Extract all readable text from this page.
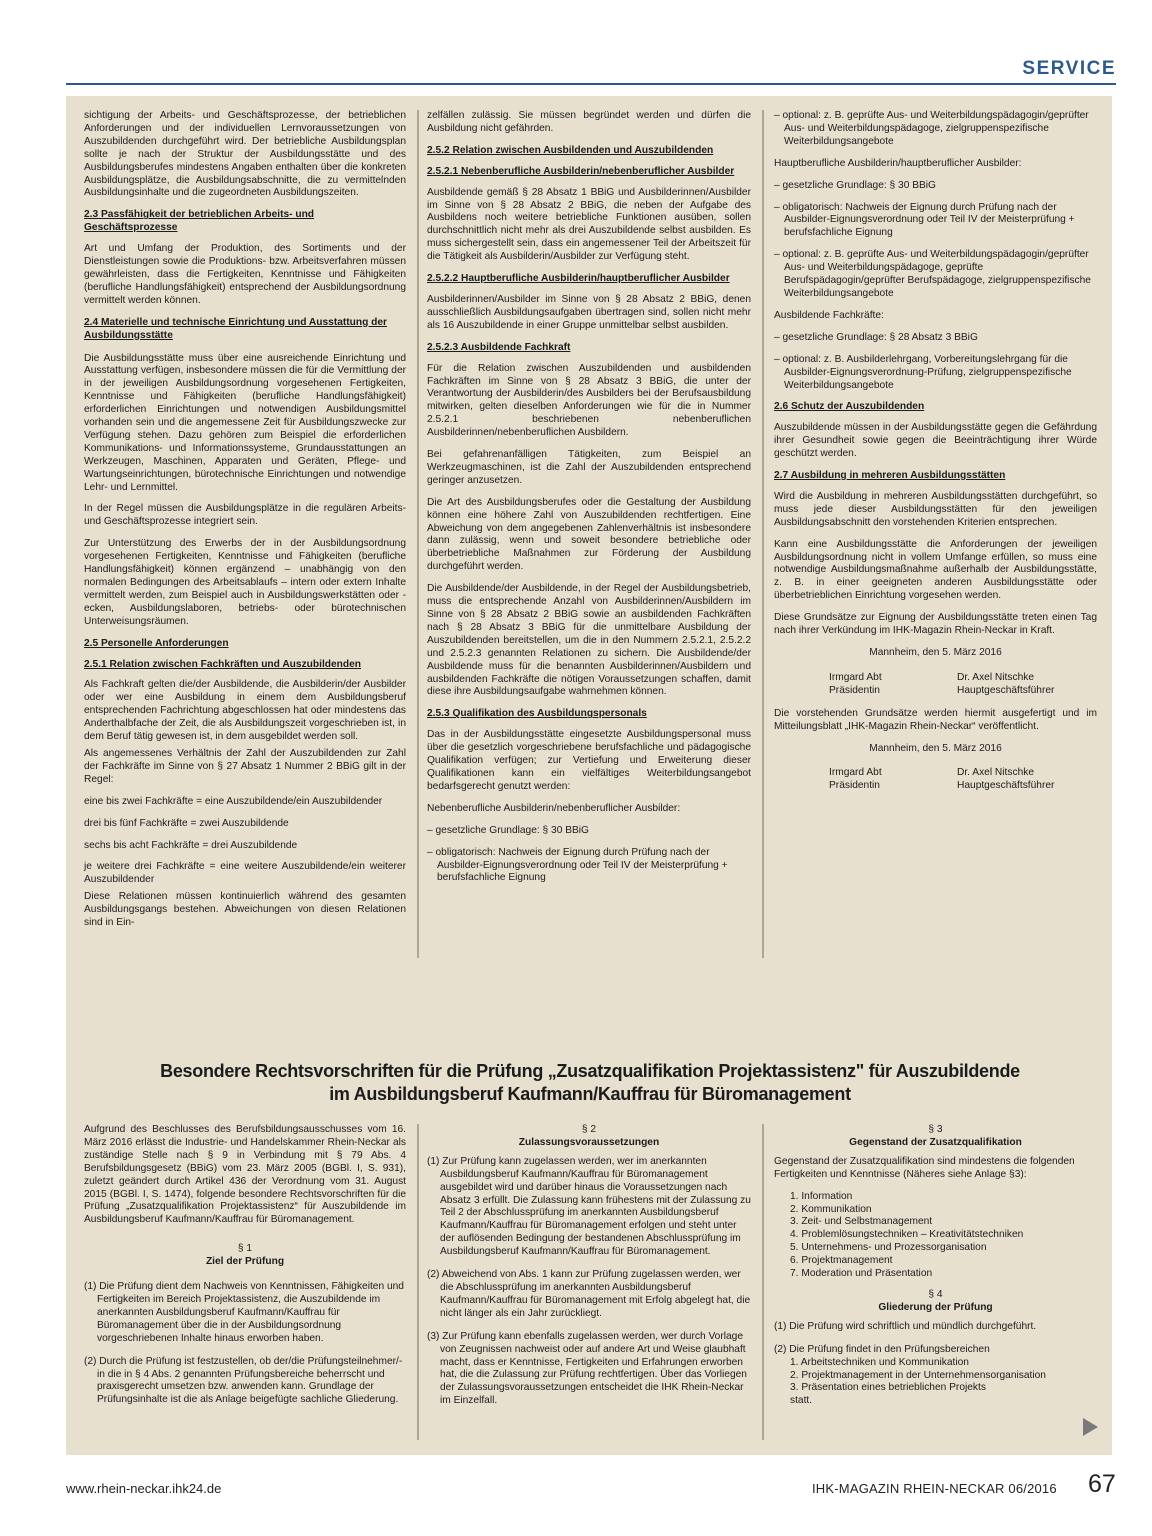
SERVICE

sichtigung der Arbeits- und Geschäftsprozesse, der betrieblichen Anforderungen und der individuellen Lernvoraussetzungen von Auszubildenden durchgeführt wird. Der betriebliche Ausbildungsplan sollte je nach der Struktur der Ausbildungsstätte und des Ausbildungsberufes mindestens Angaben enthalten über die konkreten Ausbildungsplätze, die Ausbildungsabschnitte, die zu vermittelnden Ausbildungsinhalte und die zugeordneten Ausbildungszeiten.

2.3 Passfähigkeit der betrieblichen Arbeits- und Geschäftsprozesse

Art und Umfang der Produktion, des Sortiments und der Dienstleistungen sowie die Produktions- bzw. Arbeitsverfahren müssen gewährleisten, dass die Fertigkeiten, Kenntnisse und Fähigkeiten (berufliche Handlungsfähigkeit) entsprechend der Ausbildungsordnung vermittelt werden können.

2.4 Materielle und technische Einrichtung und Ausstattung der Ausbildungsstätte

Die Ausbildungsstätte muss über eine ausreichende Einrichtung und Ausstattung verfügen, insbesondere müssen die für die Vermittlung der in der jeweiligen Ausbildungsordnung vorgesehenen Fertigkeiten, Kenntnisse und Fähigkeiten (berufliche Handlungsfähigkeit) erforderlichen Einrichtungen und notwendigen Ausbildungsmittel vorhanden sein und die angemessene Zeit für Ausbildungszwecke zur Verfügung stehen. Dazu gehören zum Beispiel die erforderlichen Kommunikations- und Informationssysteme, Grundausstattungen an Werkzeugen, Maschinen, Apparaten und Geräten, Pflege- und Wartungseinrichtungen, bürotechnische Einrichtungen und notwendige Lehr- und Lernmittel.

In der Regel müssen die Ausbildungsplätze in die regulären Arbeits- und Geschäftsprozesse integriert sein.

Zur Unterstützung des Erwerbs der in der Ausbildungsordnung vorgesehenen Fertigkeiten, Kenntnisse und Fähigkeiten (berufliche Handlungsfähigkeit) können ergänzend – unabhängig von den normalen Bedingungen des Arbeitsablaufs – intern oder extern Inhalte vermittelt werden, zum Beispiel auch in Ausbildungswerkstätten oder -ecken, Ausbildungslaboren, betriebs- oder bürotechnischen Unterweisungsräumen.

2.5 Personelle Anforderungen
2.5.1 Relation zwischen Fachkräften und Auszubildenden

Als Fachkraft gelten die/der Ausbildende, die Ausbilderin/der Ausbilder oder wer eine Ausbildung in einem dem Ausbildungsberuf entsprechenden Fachrichtung abgeschlossen hat oder mindestens das Anderthalbfache der Zeit, die als Ausbildungszeit vorgeschrieben ist, in dem Beruf tätig gewesen ist, in dem ausgebildet werden soll.

Als angemessenes Verhältnis der Zahl der Auszubildenden zur Zahl der Fachkräfte im Sinne von § 27 Absatz 1 Nummer 2 BBiG gilt in der Regel:

eine bis zwei Fachkräfte = eine Auszubildende/ein Auszubildender

drei bis fünf Fachkräfte = zwei Auszubildende

sechs bis acht Fachkräfte = drei Auszubildende

je weitere drei Fachkräfte = eine weitere Auszubildende/ein weiterer Auszubildender

Diese Relationen müssen kontinuierlich während des gesamten Ausbildungsgangs bestehen. Abweichungen von diesen Relationen sind in Ein-

zelfällen zulässig. Sie müssen begründet werden und dürfen die Ausbildung nicht gefährden.

2.5.2 Relation zwischen Ausbildenden und Auszubildenden
2.5.2.1 Nebenberufliche Ausbilderin/nebenberuflicher Ausbilder

Ausbildende gemäß § 28 Absatz 1 BBiG und Ausbilderinnen/Ausbilder im Sinne von § 28 Absatz 2 BBiG, die neben der Aufgabe des Ausbildens noch weitere betriebliche Funktionen ausüben, sollen durchschnittlich nicht mehr als drei Auszubildende selbst ausbilden. Es muss sichergestellt sein, dass ein angemessener Teil der Arbeitszeit für die Tätigkeit als Ausbilderin/Ausbilder zur Verfügung steht.

2.5.2.2 Hauptberufliche Ausbilderin/hauptberuflicher Ausbilder

Ausbilderinnen/Ausbilder im Sinne von § 28 Absatz 2 BBiG, denen ausschließlich Ausbildungsaufgaben übertragen sind, sollen nicht mehr als 16 Auszubildende in einer Gruppe unmittelbar selbst ausbilden.

2.5.2.3 Ausbildende Fachkraft

Für die Relation zwischen Auszubildenden und ausbildenden Fachkräften im Sinne von § 28 Absatz 3 BBiG, die unter der Verantwortung der Ausbilderin/des Ausbilders bei der Berufsausbildung mitwirken, gelten dieselben Anforderungen wie für die in Nummer 2.5.2.1 beschriebenen nebenberuflichen Ausbilderinnen/nebenberuflichen Ausbildern.

Bei gefahrenanfälligen Tätigkeiten, zum Beispiel an Werkzeugmaschinen, ist die Zahl der Auszubildenden entsprechend geringer anzusetzen.

Die Art des Ausbildungsberufes oder die Gestaltung der Ausbildung können eine höhere Zahl von Auszubildenden rechtfertigen. Eine Abweichung von dem angegebenen Zahlenverhältnis ist insbesondere dann zulässig, wenn und soweit besondere betriebliche oder überbetriebliche Maßnahmen zur Förderung der Ausbildung durchgeführt werden.

Die Ausbildende/der Ausbildende, in der Regel der Ausbildungsbetrieb, muss die entsprechende Anzahl von Ausbilderinnen/Ausbildern im Sinne von § 28 Absatz 2 BBiG sowie an ausbildenden Fachkräften nach § 28 Absatz 3 BBiG für die unmittelbare Ausbildung der Auszubildenden bereitstellen, um die in den Nummern 2.5.2.1, 2.5.2.2 und 2.5.2.3 genannten Relationen zu sichern. Die Ausbildende/der Ausbildende muss für die benannten Ausbilderinnen/Ausbildern und ausbildenden Fachkräfte die nötigen Voraussetzungen schaffen, damit diese ihre Ausbildungsaufgabe wahrnehmen können.

2.5.3 Qualifikation des Ausbildungspersonals

Das in der Ausbildungsstätte eingesetzte Ausbildungspersonal muss über die gesetzlich vorgeschriebene berufsfachliche und pädagogische Qualifikation verfügen; zur Vertiefung und Erweiterung dieser Qualifikationen kann ein vielfältiges Weiterbildungsangebot bedarfsgerecht genutzt werden:

Nebenberufliche Ausbilderin/nebenberuflicher Ausbilder:

– gesetzliche Grundlage: § 30 BBiG

– obligatorisch: Nachweis der Eignung durch Prüfung nach der Ausbilder-Eignungsverordnung oder Teil IV der Meisterprüfung + berufsfachliche Eignung

– optional: z. B. geprüfte Aus- und Weiterbildungspädagogin/geprüfter Aus- und Weiterbildungspädagoge, zielgruppenspezifische Weiterbildungsangebote

Hauptberufliche Ausbilderin/hauptberuflicher Ausbilder:

– gesetzliche Grundlage: § 30 BBiG

– obligatorisch: Nachweis der Eignung durch Prüfung nach der Ausbilder-Eignungsverordnung oder Teil IV der Meisterprüfung + berufsfachliche Eignung

– optional: z. B. geprüfte Aus- und Weiterbildungspädagogin/geprüfter Aus- und Weiterbildungspädagoge, geprüfte Berufspädagogin/geprüfter Berufspädagoge, zielgruppenspezifische Weiterbildungsangebote

Ausbildende Fachkräfte:

– gesetzliche Grundlage: § 28 Absatz 3 BBiG

– optional: z. B. Ausbilderlehrgang, Vorbereitungslehrgang für die Ausbilder-Eignungsverordnung-Prüfung, zielgruppenspezifische Weiterbildungsangebote

2.6 Schutz der Auszubildenden

Auszubildende müssen in der Ausbildungsstätte gegen die Gefährdung ihrer Gesundheit sowie gegen die Beeinträchtigung ihrer Würde geschützt werden.

2.7 Ausbildung in mehreren Ausbildungsstätten

Wird die Ausbildung in mehreren Ausbildungsstätten durchgeführt, so muss jede dieser Ausbildungsstätten für den jeweiligen Ausbildungsabschnitt den vorstehenden Kriterien entsprechen.

Kann eine Ausbildungsstätte die Anforderungen der jeweiligen Ausbildungsordnung nicht in vollem Umfange erfüllen, so muss eine notwendige Ausbildungsmaßnahme außerhalb der Ausbildungsstätte, z. B. in einer geeigneten anderen Ausbildungsstätte oder überbetrieblichen Einrichtung vorgesehen werden.

Diese Grundsätze zur Eignung der Ausbildungsstätte treten einen Tag nach ihrer Verkündung im IHK-Magazin Rhein-Neckar in Kraft.

Mannheim, den 5. März 2016

Irmgard Abt
Präsidentin
Dr. Axel Nitschke
Hauptgeschäftsführer

Die vorstehenden Grundsätze werden hiermit ausgefertigt und im Mitteilungsblatt „IHK-Magazin Rhein-Neckar“ veröffentlicht.

Mannheim, den 5. März 2016

Irmgard Abt
Präsidentin
Dr. Axel Nitschke
Hauptgeschäftsführer
Besondere Rechtsvorschriften für die Prüfung „Zusatzqualifikation Projektassistenz" für Auszubildende
im Ausbildungsberuf Kaufmann/Kauffrau für Büromanagement

Aufgrund des Beschlusses des Berufsbildungsausschusses vom 16. März 2016 erlässt die Industrie- und Handelskammer Rhein-Neckar als zuständige Stelle nach § 9 in Verbindung mit § 79 Abs. 4 Berufsbildungsgesetz (BBiG) vom 23. März 2005 (BGBl. I, S. 931), zuletzt geändert durch Artikel 436 der Verordnung vom 31. August 2015 (BGBl. I, S. 1474), folgende besondere Rechtsvorschriften für die Prüfung „Zusatzqualifikation Projektassistenz“ für Auszubildende im Ausbildungsberuf Kaufmann/Kauffrau für Büromanagement.

§ 1
Ziel der Prüfung

(1) Die Prüfung dient dem Nachweis von Kenntnissen, Fähigkeiten und Fertigkeiten im Bereich Projektassistenz, die Auszubildende im anerkannten Ausbildungsberuf Kaufmann/Kauffrau für Büromanagement über die in der Ausbildungsordnung vorgeschriebenen Inhalte hinaus erworben haben.

(2) Durch die Prüfung ist festzustellen, ob der/die Prüfungsteilnehmer/-in die in § 4 Abs. 2 genannten Prüfungsbereiche beherrscht und praxisgerecht umsetzen bzw. anwenden kann. Grundlage der Prüfungsinhalte ist die als Anlage beigefügte sachliche Gliederung.

§ 2
Zulassungsvoraussetzungen

(1) Zur Prüfung kann zugelassen werden, wer im anerkannten Ausbildungsberuf Kaufmann/Kauffrau für Büromanagement ausgebildet wird und darüber hinaus die Voraussetzungen nach Absatz 3 erfüllt. Die Zulassung kann frühestens mit der Zulassung zu Teil 2 der Abschlussprüfung im anerkannten Ausbildungsberuf Kaufmann/Kauffrau für Büromanagement erfolgen und steht unter der auflösenden Bedingung der bestandenen Abschlussprüfung im Ausbildungsberuf Kaufmann/Kauffrau für Büromanagement.

(2) Abweichend von Abs. 1 kann zur Prüfung zugelassen werden, wer die Abschlussprüfung im anerkannten Ausbildungsberuf Kaufmann/Kauffrau für Büromanagement mit Erfolg abgelegt hat, die nicht länger als ein Jahr zurückliegt.

(3) Zur Prüfung kann ebenfalls zugelassen werden, wer durch Vorlage von Zeugnissen nachweist oder auf andere Art und Weise glaubhaft macht, dass er Kenntnisse, Fertigkeiten und Erfahrungen erworben hat, die die Zulassung zur Prüfung rechtfertigen. Über das Vorliegen der Zulassungsvoraussetzungen entscheidet die IHK Rhein-Neckar im Einzelfall.

§ 3
Gegenstand der Zusatzqualifikation

Gegenstand der Zusatzqualifikation sind mindestens die folgenden Fertigkeiten und Kenntnisse (Näheres siehe Anlage §3):

1. Information
2. Kommunikation
3. Zeit- und Selbstmanagement
4. Problemlösungstechniken – Kreativitätstechniken
5. Unternehmens- und Prozessorganisation
6. Projektmanagement
7. Moderation und Präsentation
§ 4
Gliederung der Prüfung

(1) Die Prüfung wird schriftlich und mündlich durchgeführt.

(2) Die Prüfung findet in den Prüfungsbereichen

1. Arbeitstechniken und Kommunikation
2. Projektmanagement in der Unternehmensorganisation
3. Präsentation eines betrieblichen Projekts
statt.
www.rhein-neckar.ihk24.de	IHK-MAGAZIN RHEIN-NECKAR 06/2016 67
